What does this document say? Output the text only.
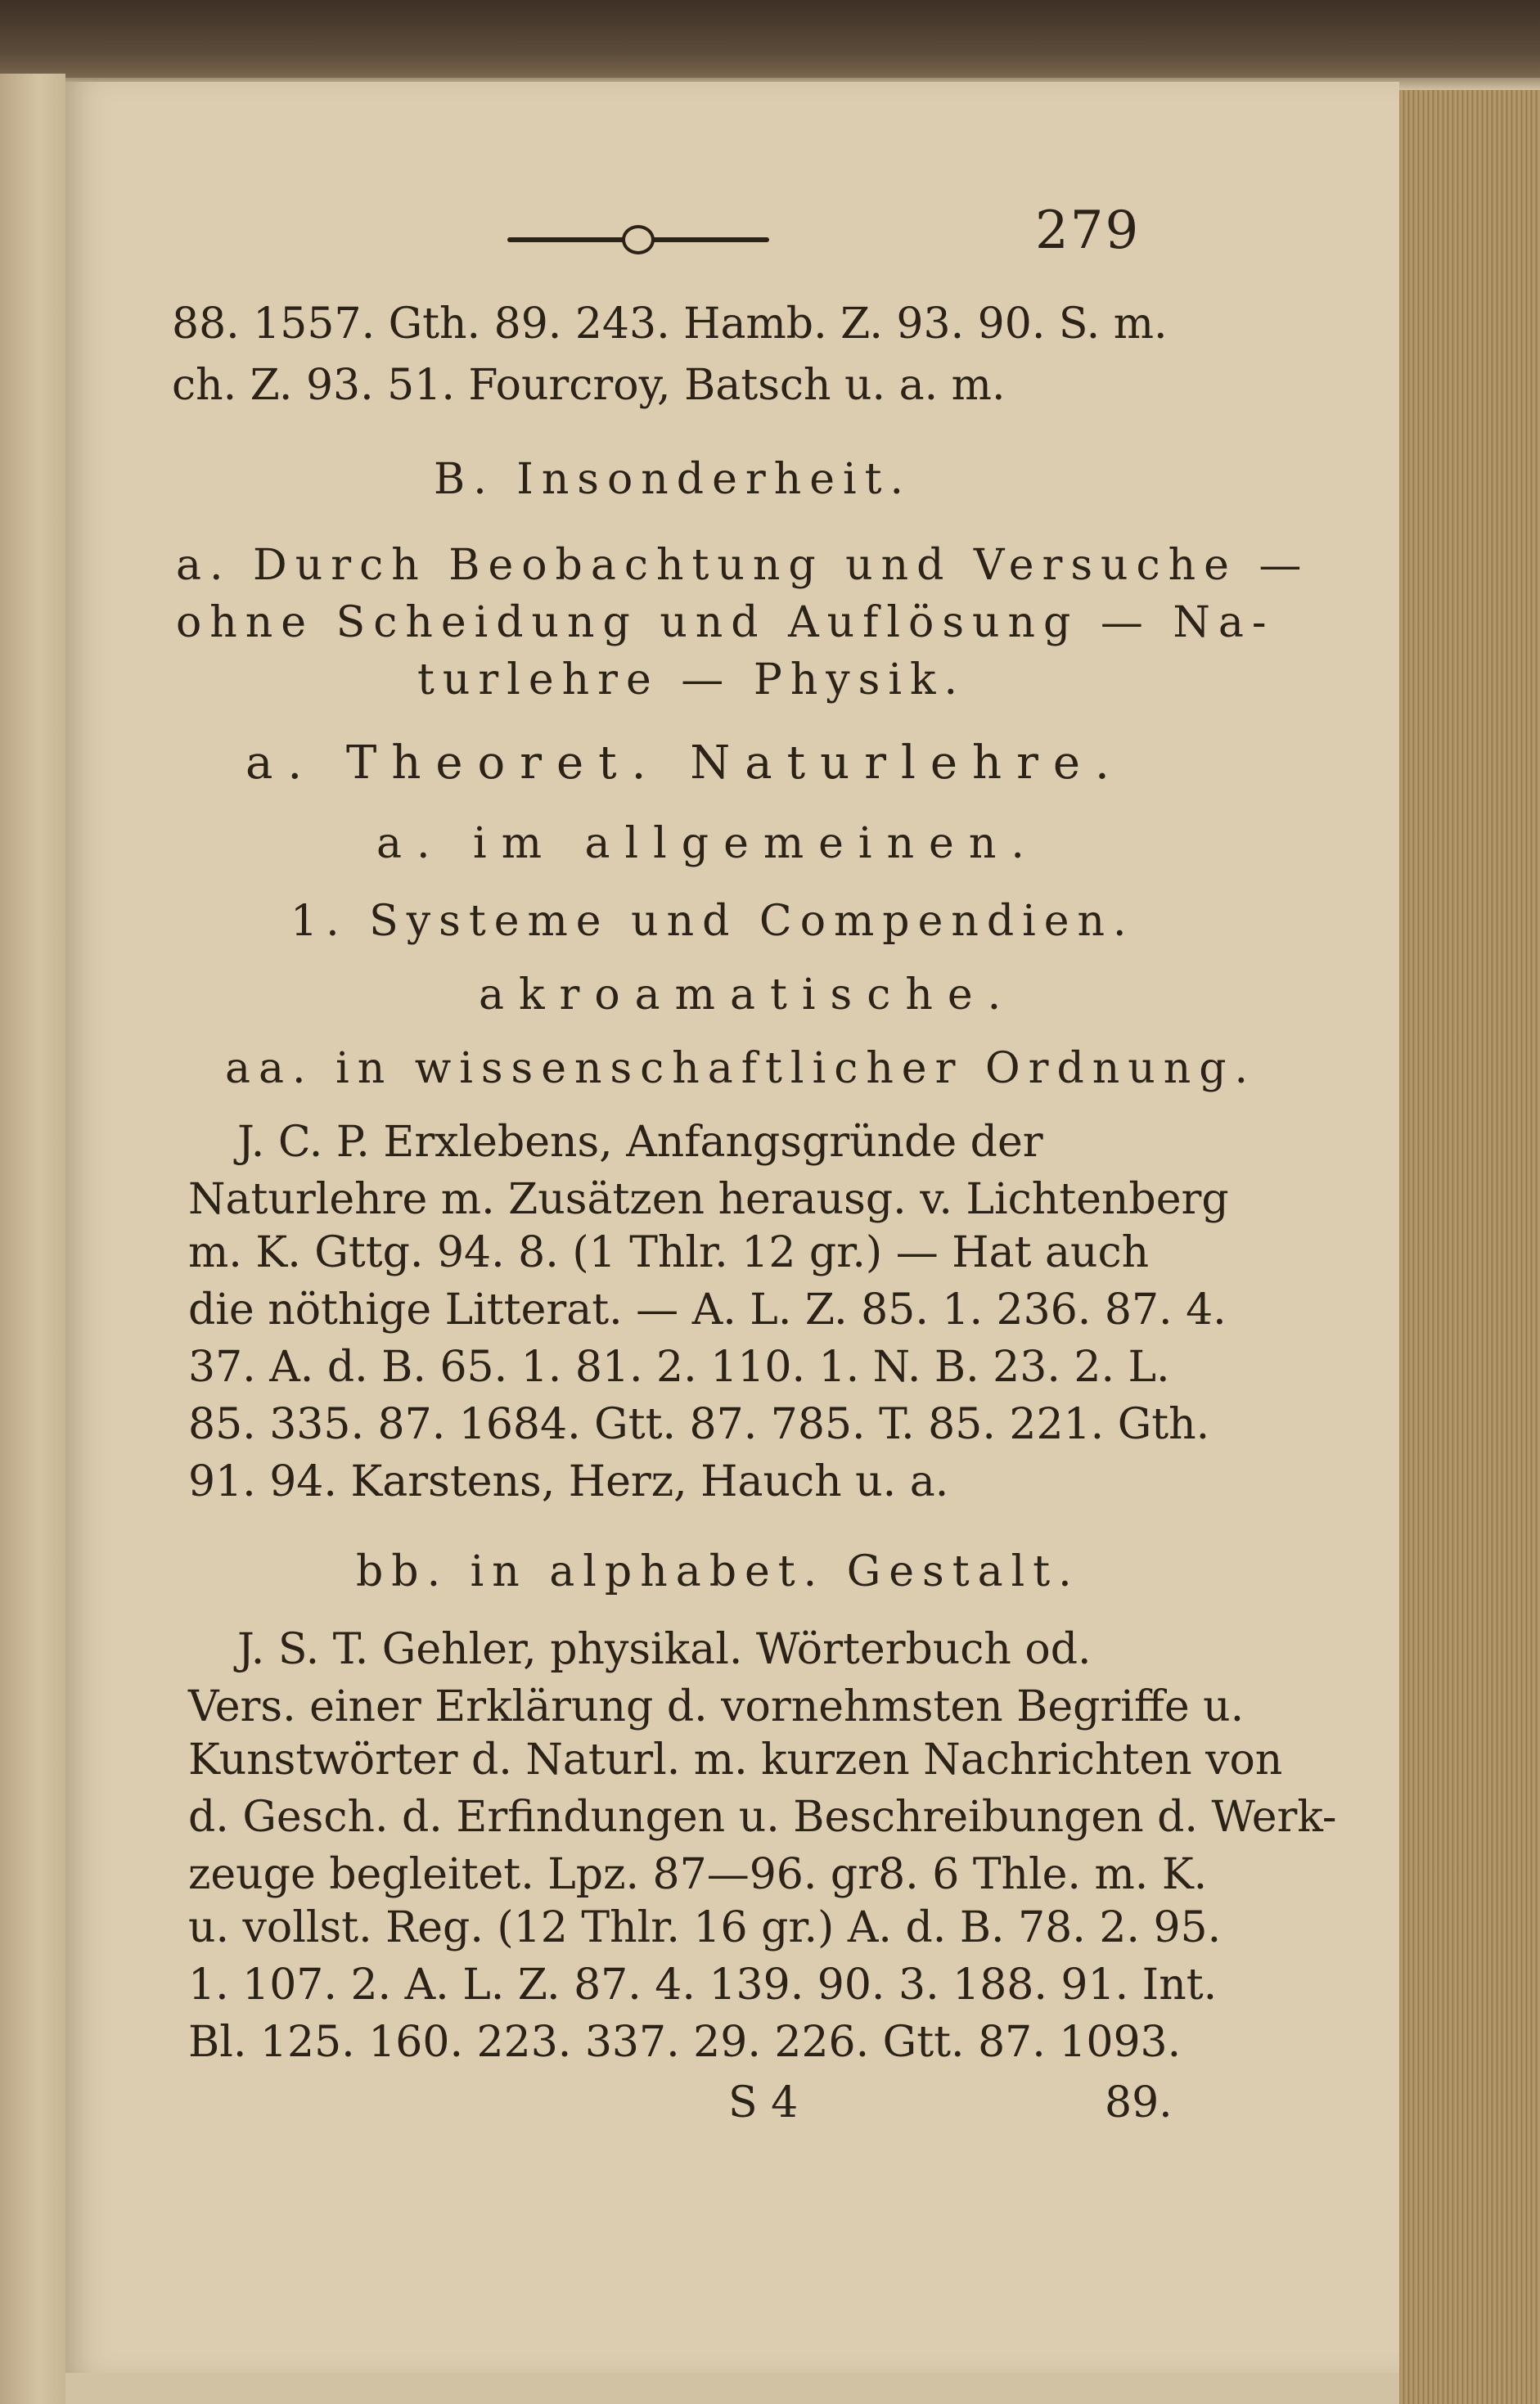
279
88. 1557. Gth. 89. 243. Hamb. Z. 93. 90. S. m.
ch. Z. 93. 51. Fourcroy, Batsch u. a. m.
B. Insonderheit.
a. Durch Beobachtung und Versuche —
ohne Scheidung und Auflösung — Na-
turlehre — Physik.
a. Theoret. Naturlehre.
a. im allgemeinen.
1. Systeme und Compendien.
akroamatische.
aa. in wissenschaftlicher Ordnung.
J. C. P. Erxlebens, Anfangsgründe der
Naturlehre m. Zusätzen herausg. v. Lichtenberg
m. K. Gttg. 94. 8. (1 Thlr. 12 gr.) — Hat auch
die nöthige Litterat. — A. L. Z. 85. 1. 236. 87. 4.
37. A. d. B. 65. 1. 81. 2. 110. 1. N. B. 23. 2. L.
85. 335. 87. 1684. Gtt. 87. 785. T. 85. 221. Gth.
91. 94. Karstens, Herz, Hauch u. a.
bb. in alphabet. Gestalt.
J. S. T. Gehler, physikal. Wörterbuch od.
Vers. einer Erklärung d. vornehmsten Begriffe u.
Kunstwörter d. Naturl. m. kurzen Nachrichten von
d. Gesch. d. Erfindungen u. Beschreibungen d. Werk-
zeuge begleitet. Lpz. 87—96. gr8. 6 Thle. m. K.
u. vollst. Reg. (12 Thlr. 16 gr.) A. d. B. 78. 2. 95.
1. 107. 2. A. L. Z. 87. 4. 139. 90. 3. 188. 91. Int.
Bl. 125. 160. 223. 337. 29. 226. Gtt. 87. 1093.
S 4	89.
